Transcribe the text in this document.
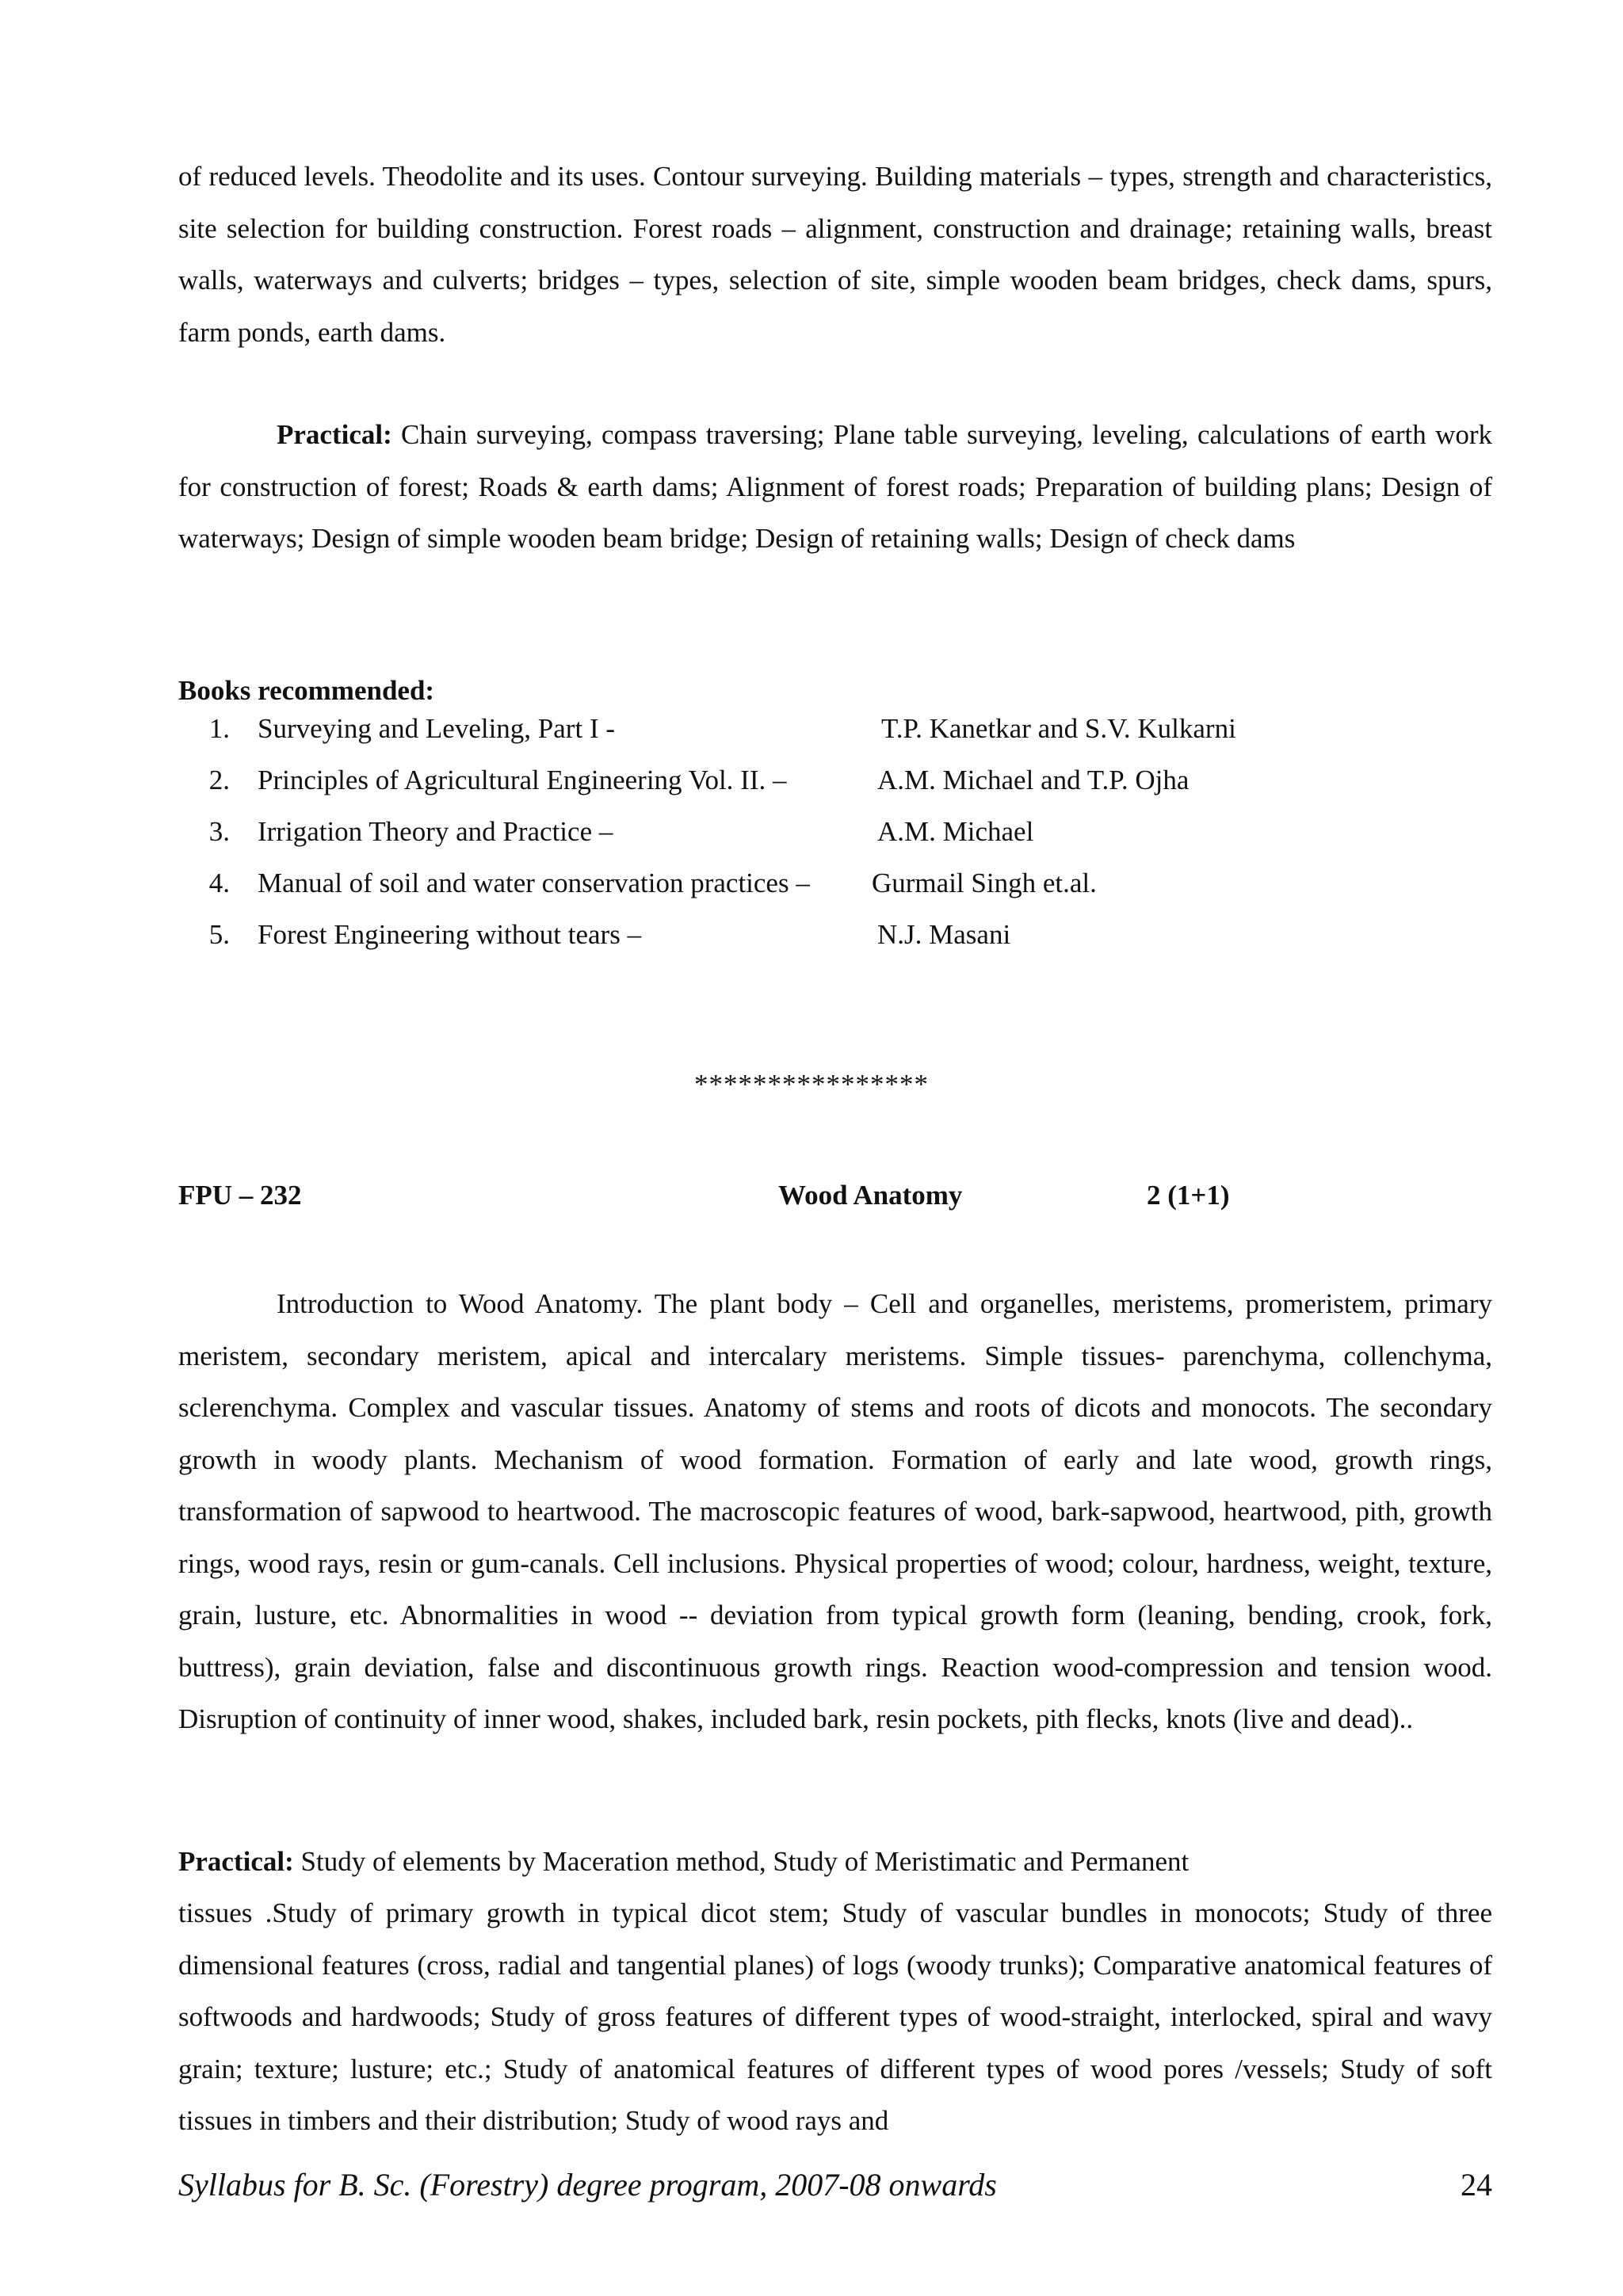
of reduced levels. Theodolite and its uses. Contour surveying. Building materials – types, strength and characteristics, site selection for building construction. Forest roads – alignment, construction and drainage; retaining walls, breast walls, waterways and culverts; bridges – types, selection of site, simple wooden beam bridges, check dams, spurs, farm ponds, earth dams.

Practical: Chain surveying, compass traversing; Plane table surveying, leveling, calculations of earth work for construction of forest; Roads & earth dams; Alignment of forest roads; Preparation of building plans; Design of waterways; Design of simple wooden beam bridge; Design of retaining walls; Design of check dams

Books recommended:
1. Surveying and Leveling, Part I -	T.P. Kanetkar and S.V. Kulkarni
2. Principles of Agricultural Engineering Vol. II. –	A.M. Michael and T.P. Ojha
3. Irrigation Theory and Practice –	A.M. Michael
4. Manual of soil and water conservation practices – Gurmail Singh et.al.
5. Forest Engineering without tears –	N.J. Masani
****************
FPU – 232	Wood Anatomy	2 (1+1)

Introduction to Wood Anatomy. The plant body – Cell and organelles, meristems, promeristem, primary meristem, secondary meristem, apical and intercalary meristems. Simple tissues- parenchyma, collenchyma, sclerenchyma. Complex and vascular tissues. Anatomy of stems and roots of dicots and monocots. The secondary growth in woody plants. Mechanism of wood formation. Formation of early and late wood, growth rings, transformation of sapwood to heartwood. The macroscopic features of wood, bark-sapwood, heartwood, pith, growth rings, wood rays, resin or gum-canals. Cell inclusions. Physical properties of wood; colour, hardness, weight, texture, grain, lusture, etc. Abnormalities in wood -- deviation from typical growth form (leaning, bending, crook, fork, buttress), grain deviation, false and discontinuous growth rings. Reaction wood-compression and tension wood. Disruption of continuity of inner wood, shakes, included bark, resin pockets, pith flecks, knots (live and dead)..

Practical: Study of elements by Maceration method, Study of Meristimatic and Permanent

tissues .Study of primary growth in typical dicot stem; Study of vascular bundles in monocots; Study of three dimensional features (cross, radial and tangential planes) of logs (woody trunks); Comparative anatomical features of softwoods and hardwoods; Study of gross features of different types of wood-straight, interlocked, spiral and wavy grain; texture; lusture; etc.; Study of anatomical features of different types of wood pores /vessels; Study of soft tissues in timbers and their distribution; Study of wood rays and

Syllabus for B. Sc. (Forestry) degree program, 2007-08 onwards	24
